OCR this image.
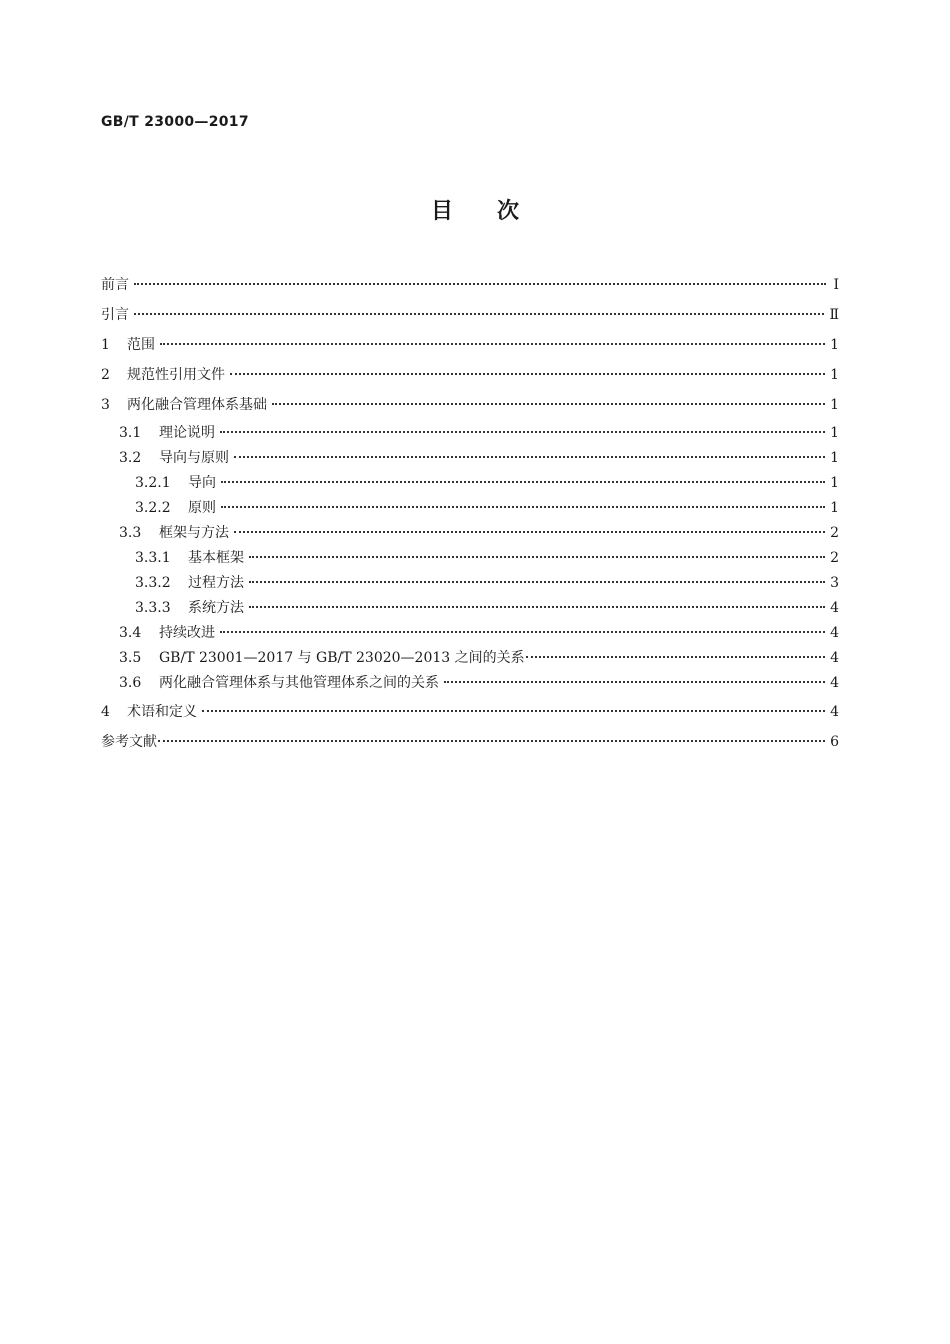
GB/T 23000—2017
目次
前言	Ⅰ
引言	Ⅱ
1	范围	1
2	规范性引用文件	1
3	两化融合管理体系基础	1
3.1	理论说明	1
3.2	导向与原则	1
3.2.1	导向	1
3.2.2	原则	1
3.3	框架与方法	2
3.3.1	基本框架	2
3.3.2	过程方法	3
3.3.3	系统方法	4
3.4	持续改进	4
3.5	GB/T 23001—2017 与 GB/T 23020—2013 之间的关系	4
3.6	两化融合管理体系与其他管理体系之间的关系	4
4	术语和定义	4
参考文献	6
